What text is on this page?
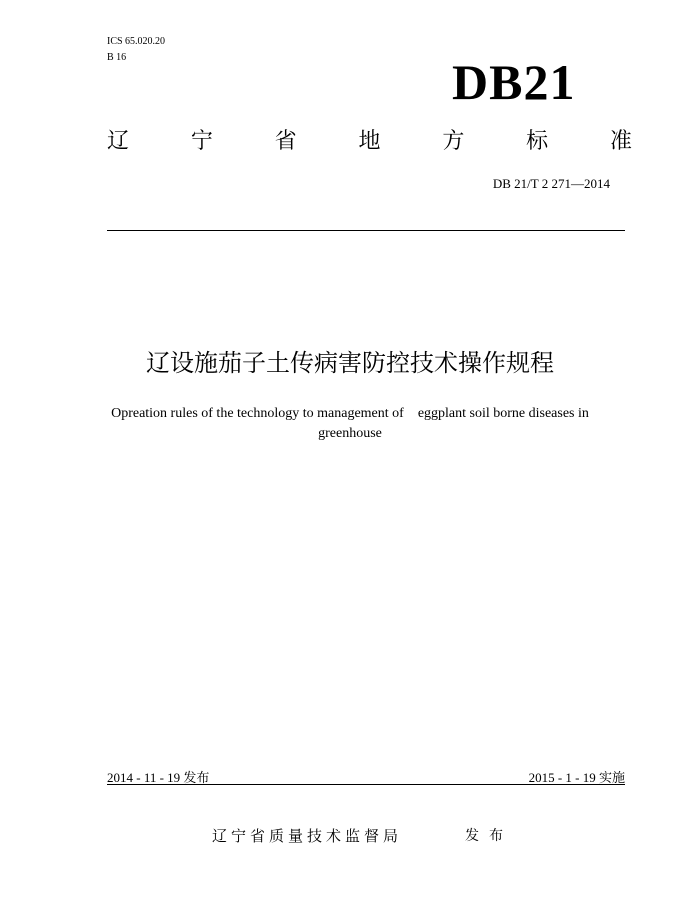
ICS 65.020.20
B 16	DB21
辽	宁	省	地	方	标	准
DB 21/T 2 271—2014
辽设施茄子土传病害防控技术操作规程
Opreation rules of the technology to management of    eggplant soil borne diseases in greenhouse
2014 - 11 - 19 发布	2015 - 1 - 19 实施
辽宁省质量技术监督局	发布
